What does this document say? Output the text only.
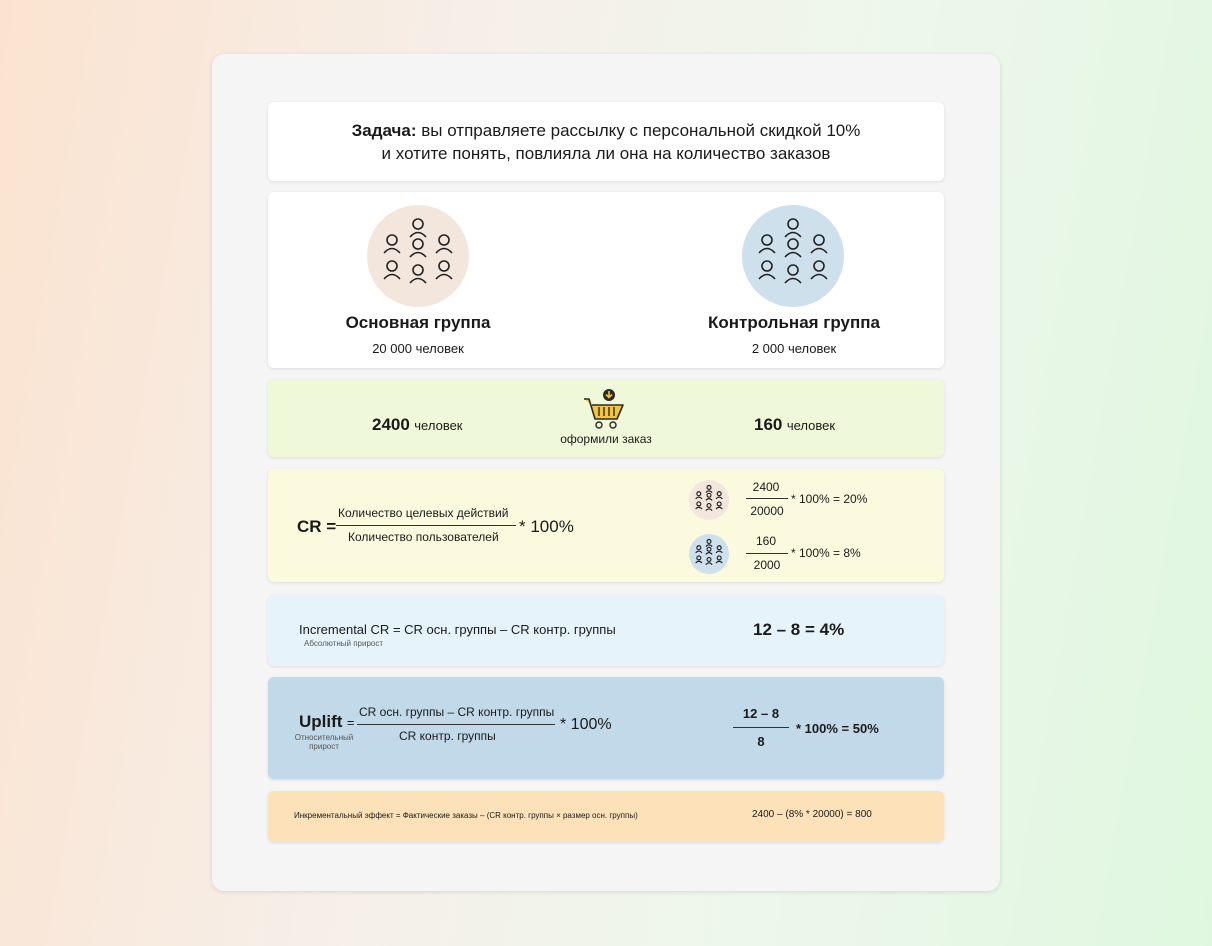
Задача: вы отправляете рассылку с персональной скидкой 10%
и хотите понять, повлияла ли она на количество заказов
Основная группа
20 000 человек
Контрольная группа
2 000 человек
2400 человек
оформили заказ
160 человек
CR =
Количество целевых действий
Количество пользователей
* 100%
2400
20000
* 100% = 20%
160
2000
* 100% = 8%
Incremental CR = CR осн. группы – CR контр. группы
Абсолютный прирост
12 – 8 = 4%
Uplift =
Относительный
прирост
CR осн. группы – CR контр. группы
CR контр. группы
* 100%
12 – 8
8
* 100% = 50%
Инкрементальный эффект = Фактические заказы – (CR контр. группы × размер осн. группы)	2400 – (8% * 20000) = 800
